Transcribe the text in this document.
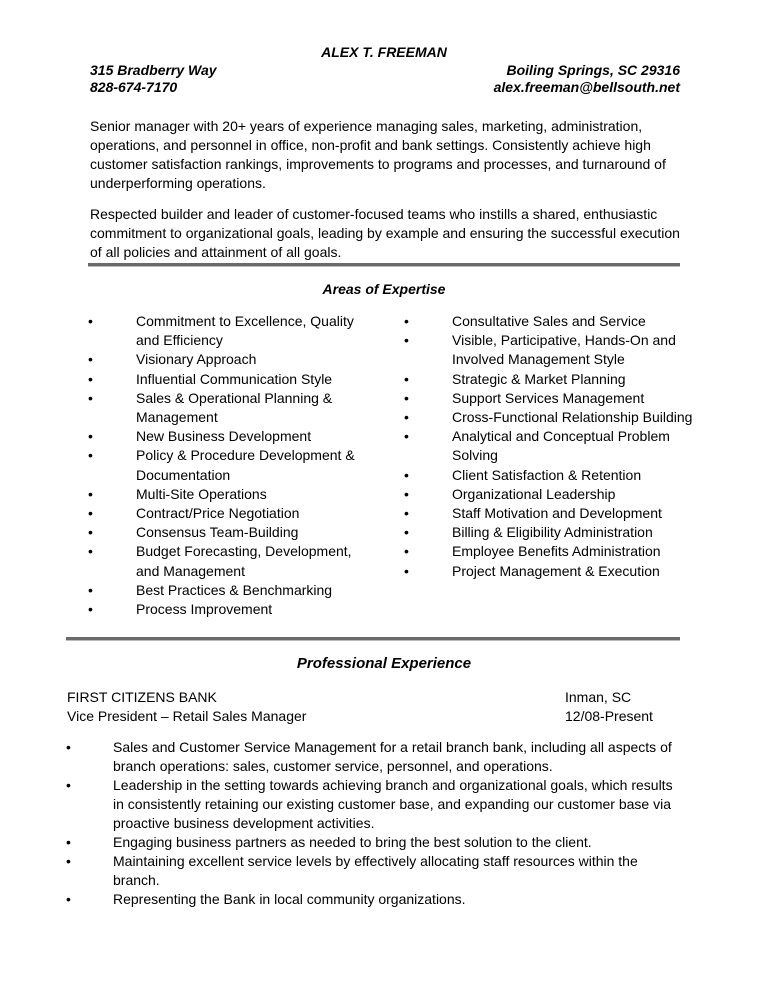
ALEX T. FREEMAN
315 Bradberry Way	Boiling Springs, SC 29316
828-674-7170	alex.freeman@bellsouth.net

Senior manager with 20+ years of experience managing sales, marketing, administration, operations, and personnel in office, non-profit and bank settings. Consistently achieve high customer satisfaction rankings, improvements to programs and processes, and turnaround of underperforming operations.

Respected builder and leader of customer-focused teams who instills a shared, enthusiastic commitment to organizational goals, leading by example and ensuring the successful execution of all policies and attainment of all goals.

Areas of Expertise
•	Commitment to Excellence, Quality and Efficiency
•	Visionary Approach
•	Influential Communication Style
•	Sales & Operational Planning & Management
•	New Business Development
•	Policy & Procedure Development & Documentation
•	Multi-Site Operations
•	Contract/Price Negotiation
•	Consensus Team-Building
•	Budget Forecasting, Development, and Management
•	Best Practices & Benchmarking
•	Process Improvement
•	Consultative Sales and Service
•	Visible, Participative, Hands-On and Involved Management Style
•	Strategic & Market Planning
•	Support Services Management
•	Cross-Functional Relationship Building
•	Analytical and Conceptual Problem Solving
•	Client Satisfaction & Retention
•	Organizational Leadership
•	Staff Motivation and Development
•	Billing & Eligibility Administration
•	Employee Benefits Administration
•	Project Management & Execution
Professional Experience
FIRST CITIZENS BANK	Inman, SC
Vice President – Retail Sales Manager	12/08-Present
•	Sales and Customer Service Management for a retail branch bank, including all aspects of branch operations: sales, customer service, personnel, and operations.
•	Leadership in the setting towards achieving branch and organizational goals, which results in consistently retaining our existing customer base, and expanding our customer base via proactive business development activities.
•	Engaging business partners as needed to bring the best solution to the client.
•	Maintaining excellent service levels by effectively allocating staff resources within the branch.
•	Representing the Bank in local community organizations.
